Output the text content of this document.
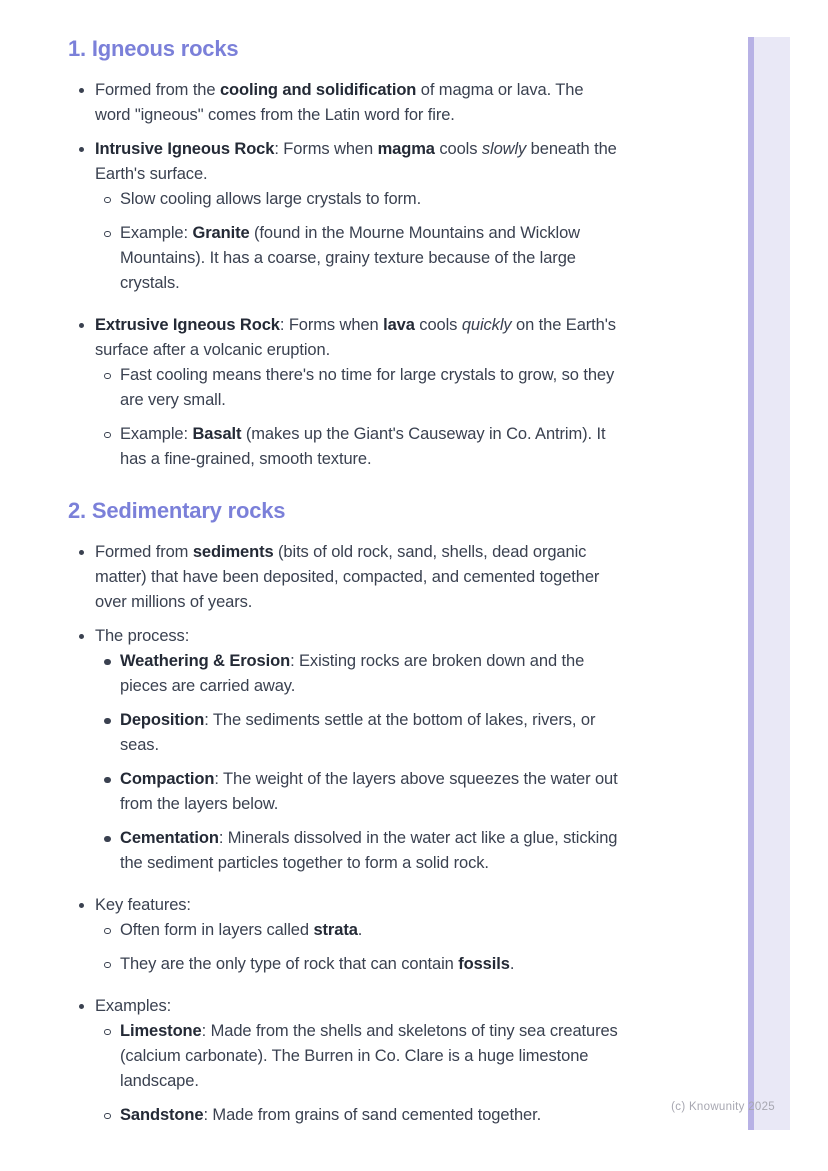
(c) Knowunity 2025
1. Igneous rocks
Formed from the cooling and solidification of magma or lava. The word "igneous" comes from the Latin word for fire.
Intrusive Igneous Rock: Forms when magma cools slowly beneath the Earth's surface.
Slow cooling allows large crystals to form.
Example: Granite (found in the Mourne Mountains and Wicklow Mountains). It has a coarse, grainy texture because of the large crystals.
Extrusive Igneous Rock: Forms when lava cools quickly on the Earth's surface after a volcanic eruption.
Fast cooling means there's no time for large crystals to grow, so they are very small.
Example: Basalt (makes up the Giant's Causeway in Co. Antrim). It has a fine-grained, smooth texture.
2. Sedimentary rocks
Formed from sediments (bits of old rock, sand, shells, dead organic matter) that have been deposited, compacted, and cemented together over millions of years.
The process:
Weathering & Erosion: Existing rocks are broken down and the pieces are carried away.
Deposition: The sediments settle at the bottom of lakes, rivers, or seas.
Compaction: The weight of the layers above squeezes the water out from the layers below.
Cementation: Minerals dissolved in the water act like a glue, sticking the sediment particles together to form a solid rock.
Key features:
Often form in layers called strata.
They are the only type of rock that can contain fossils.
Examples:
Limestone: Made from the shells and skeletons of tiny sea creatures (calcium carbonate). The Burren in Co. Clare is a huge limestone landscape.
Sandstone: Made from grains of sand cemented together.
